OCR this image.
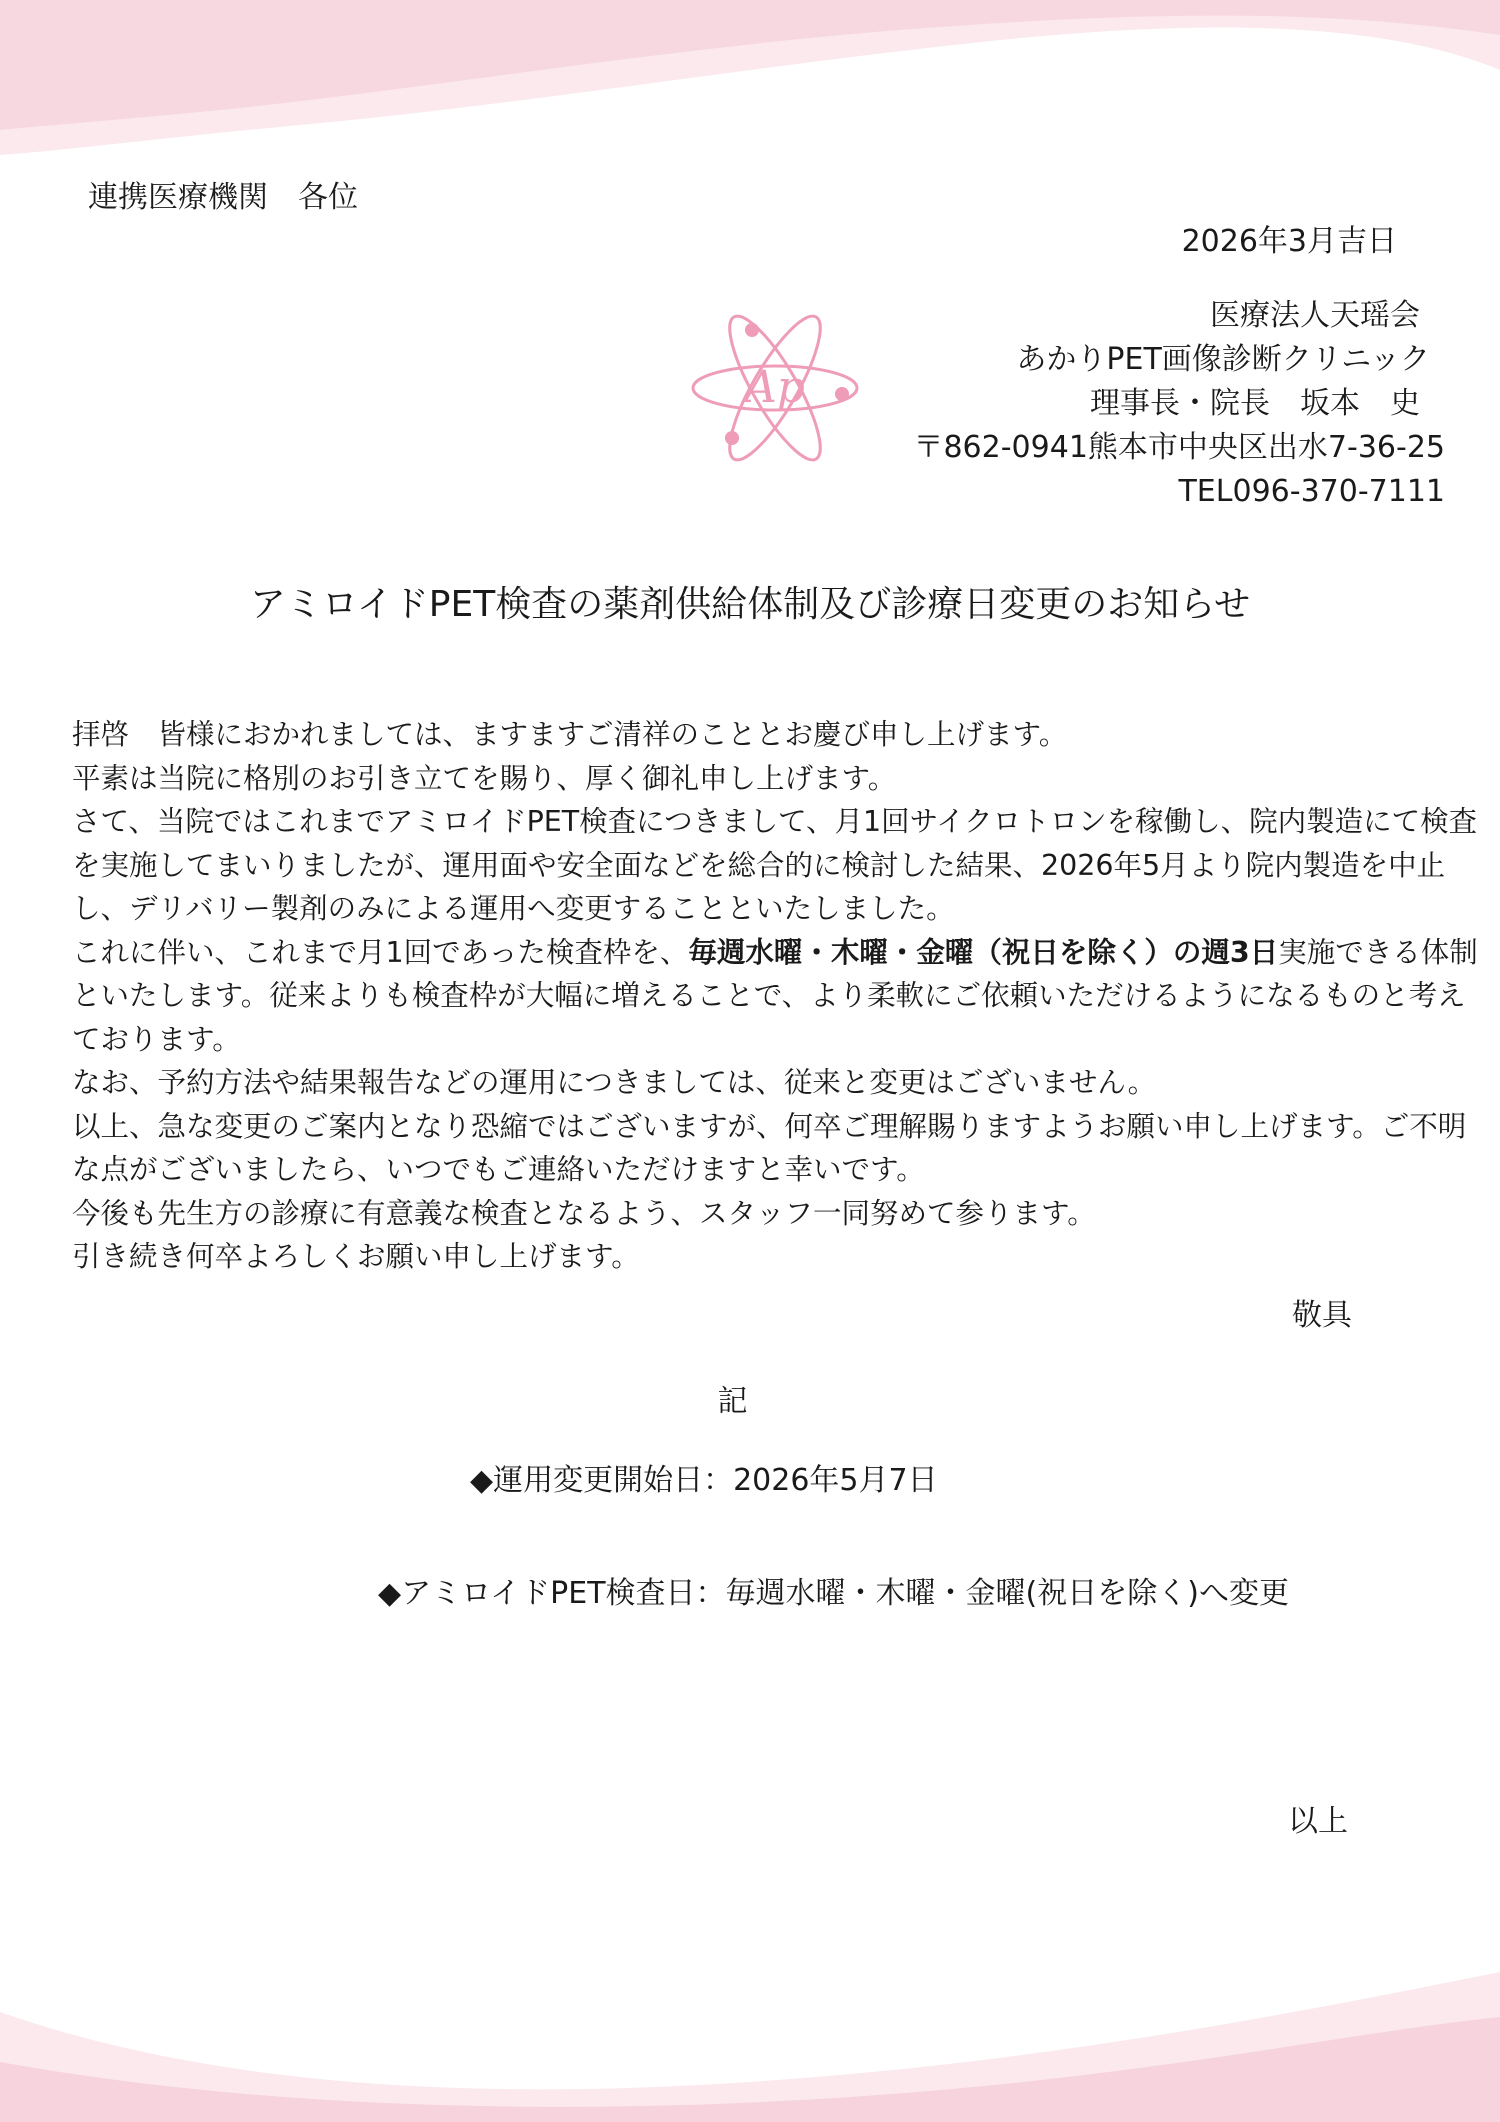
連携医療機関　各位
2026年3月吉日
Ap
医療法人天瑶会
あかりPET画像診断クリニック
理事長・院長　坂本　史
〒862-0941熊本市中央区出水7-36-25
TEL096-370-7111
アミロイドPET検査の薬剤供給体制及び診療日変更のお知らせ

拝啓　皆様におかれましては、ますますご清祥のこととお慶び申し上げます。

平素は当院に格別のお引き立てを賜り、厚く御礼申し上げます。

さて、当院ではこれまでアミロイドPET検査につきまして、月1回サイクロトロンを稼働し、院内製造にて検査を実施してまいりましたが、運用面や安全面などを総合的に検討した結果、2026年5月より院内製造を中止し、デリバリー製剤のみによる運用へ変更することといたしました。

これに伴い、これまで月1回であった検査枠を、毎週水曜・木曜・金曜（祝日を除く）の週3日実施できる体制といたします。従来よりも検査枠が大幅に増えることで、より柔軟にご依頼いただけるようになるものと考えております。

なお、予約方法や結果報告などの運用につきましては、従来と変更はございません。

以上、急な変更のご案内となり恐縮ではございますが、何卒ご理解賜りますようお願い申し上げます。ご不明な点がございましたら、いつでもご連絡いただけますと幸いです。

今後も先生方の診療に有意義な検査となるよう、スタッフ一同努めて参ります。

引き続き何卒よろしくお願い申し上げます。

敬具
記
◆運用変更開始日：2026年5月7日
◆アミロイドPET検査日：毎週水曜・木曜・金曜(祝日を除く)へ変更
以上
